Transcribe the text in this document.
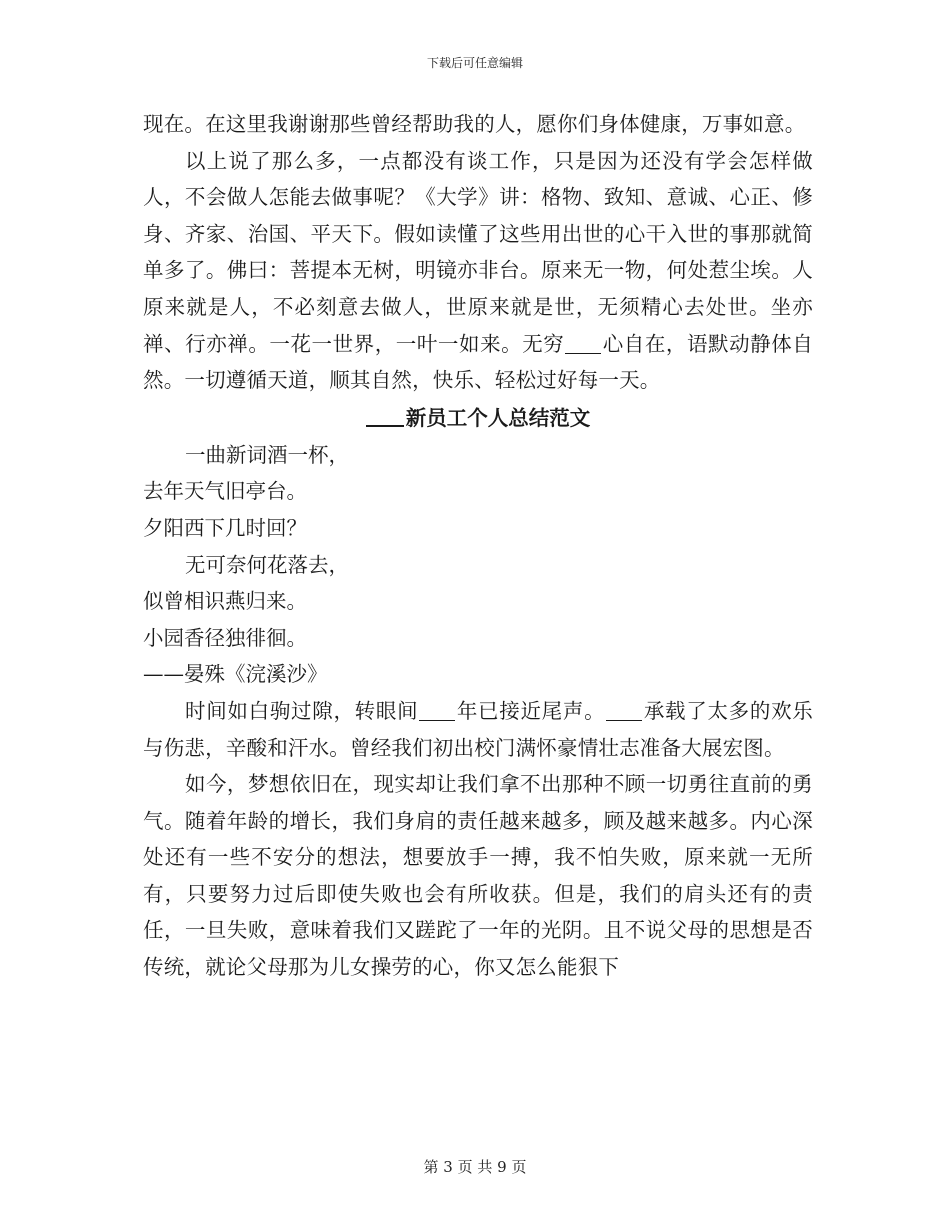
下载后可任意编辑

现在。在这里我谢谢那些曾经帮助我的人，愿你们身体健康，万事如意。

以上说了那么多，一点都没有谈工作，只是因为还没有学会怎样做人，不会做人怎能去做事呢？《大学》讲：格物、致知、意诚、心正、修身、齐家、治国、平天下。假如读懂了这些用出世的心干入世的事那就简单多了。佛曰：菩提本无树，明镜亦非台。原来无一物，何处惹尘埃。人原来就是人，不必刻意去做人，世原来就是世，无须精心去处世。坐亦禅、行亦禅。一花一世界，一叶一如来。无穷 心自在，语默动静体自然。一切遵循天道，顺其自然，快乐、轻松过好每一天。

新员工个人总结范文

一曲新词酒一杯，

去年天气旧亭台。

夕阳西下几时回？

无可奈何花落去，

似曾相识燕归来。

小园香径独徘徊。

——晏殊《浣溪沙》

时间如白驹过隙，转眼间 年已接近尾声。 承载了太多的欢乐与伤悲，辛酸和汗水。曾经我们初出校门满怀豪情壮志准备大展宏图。

如今，梦想依旧在，现实却让我们拿不出那种不顾一切勇往直前的勇气。随着年龄的增长，我们身肩的责任越来越多，顾及越来越多。内心深处还有一些不安分的想法，想要放手一搏，我不怕失败，原来就一无所有，只要努力过后即使失败也会有所收获。但是，我们的肩头还有的责任，一旦失败，意味着我们又蹉跎了一年的光阴。且不说父母的思想是否传统，就论父母那为儿女操劳的心，你又怎么能狠下

第 3 页 共 9 页
